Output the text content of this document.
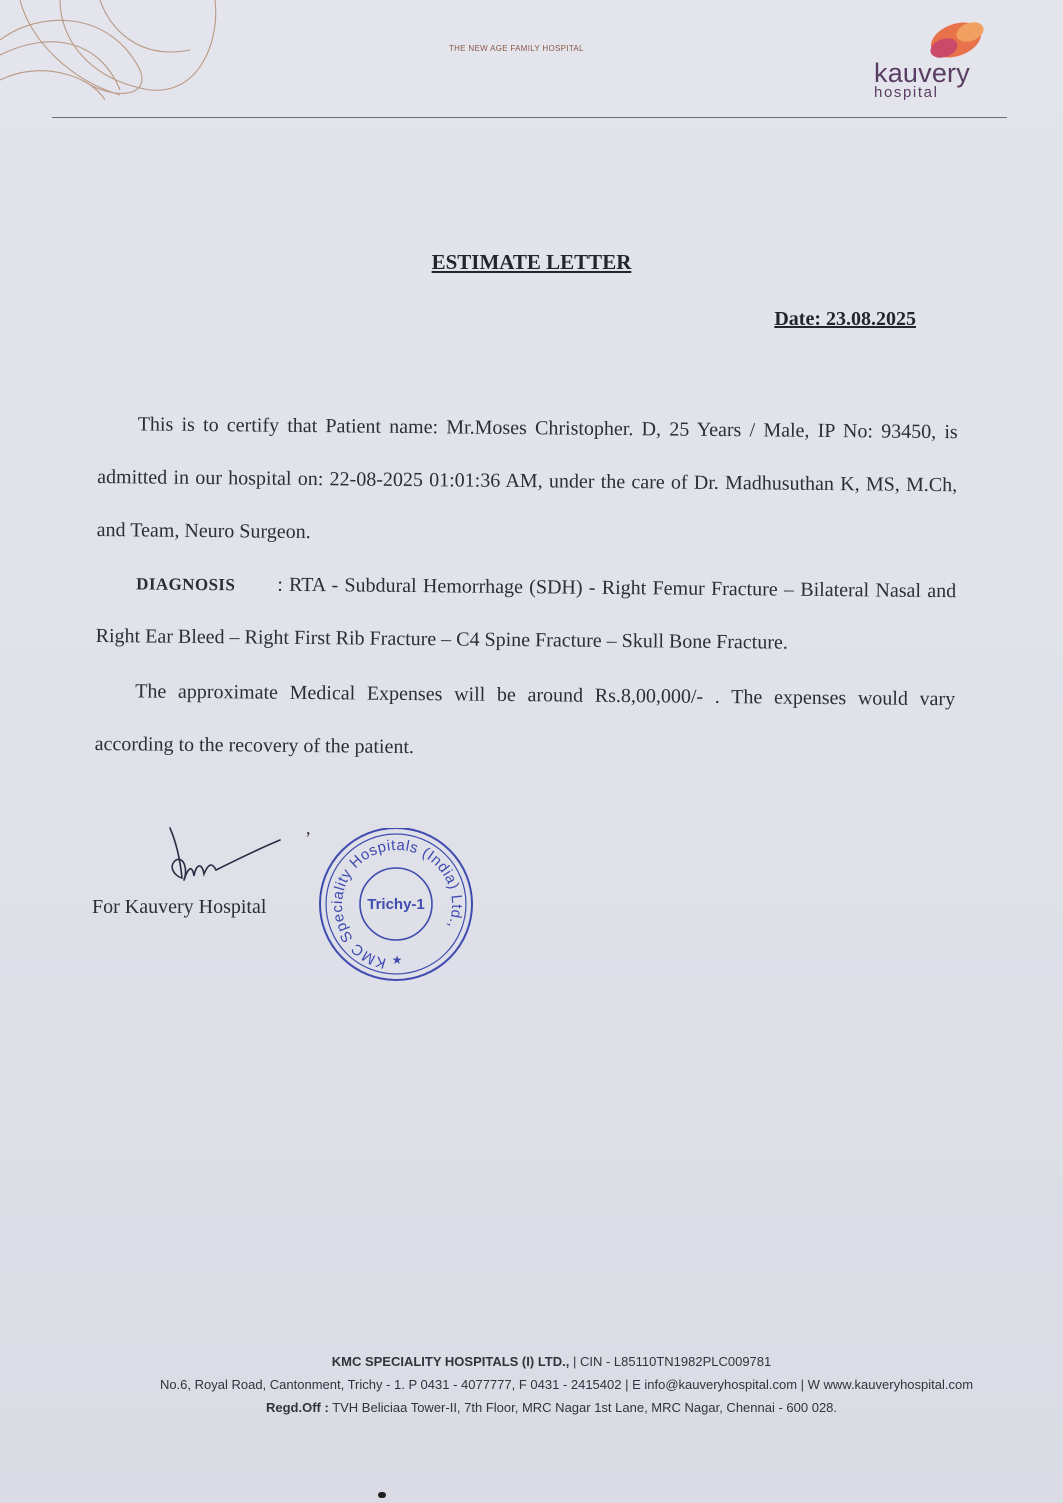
THE NEW AGE FAMILY HOSPITAL
kauvery
hospital
ESTIMATE LETTER
Date: 23.08.2025

This is to certify that Patient name: Mr.Moses Christopher. D, 25 Years / Male, IP No: 93450, is admitted in our hospital on: 22-08-2025 01:01:36 AM, under the care of Dr. Madhusuthan K, MS, M.Ch, and Team, Neuro Surgeon.

DIAGNOSIS : RTA - Subdural Hemorrhage (SDH) - Right Femur Fracture – Bilateral Nasal and Right Ear Bleed – Right First Rib Fracture – C4 Spine Fracture – Skull Bone Fracture.

The approximate Medical Expenses will be around Rs.8,00,000/- . The expenses would vary according to the recovery of the patient.

For Kauvery Hospital
,
KMC Speciality Hospitals (India) Ltd.,
Trichy-1
★
KMC SPECIALITY HOSPITALS (I) LTD., | CIN - L85110TN1982PLC009781
No.6, Royal Road, Cantonment, Trichy - 1. P 0431 - 4077777, F 0431 - 2415402 | E info@kauveryhospital.com | W www.kauveryhospital.com
Regd.Off : TVH Beliciaa Tower-II, 7th Floor, MRC Nagar 1st Lane, MRC Nagar, Chennai - 600 028.
